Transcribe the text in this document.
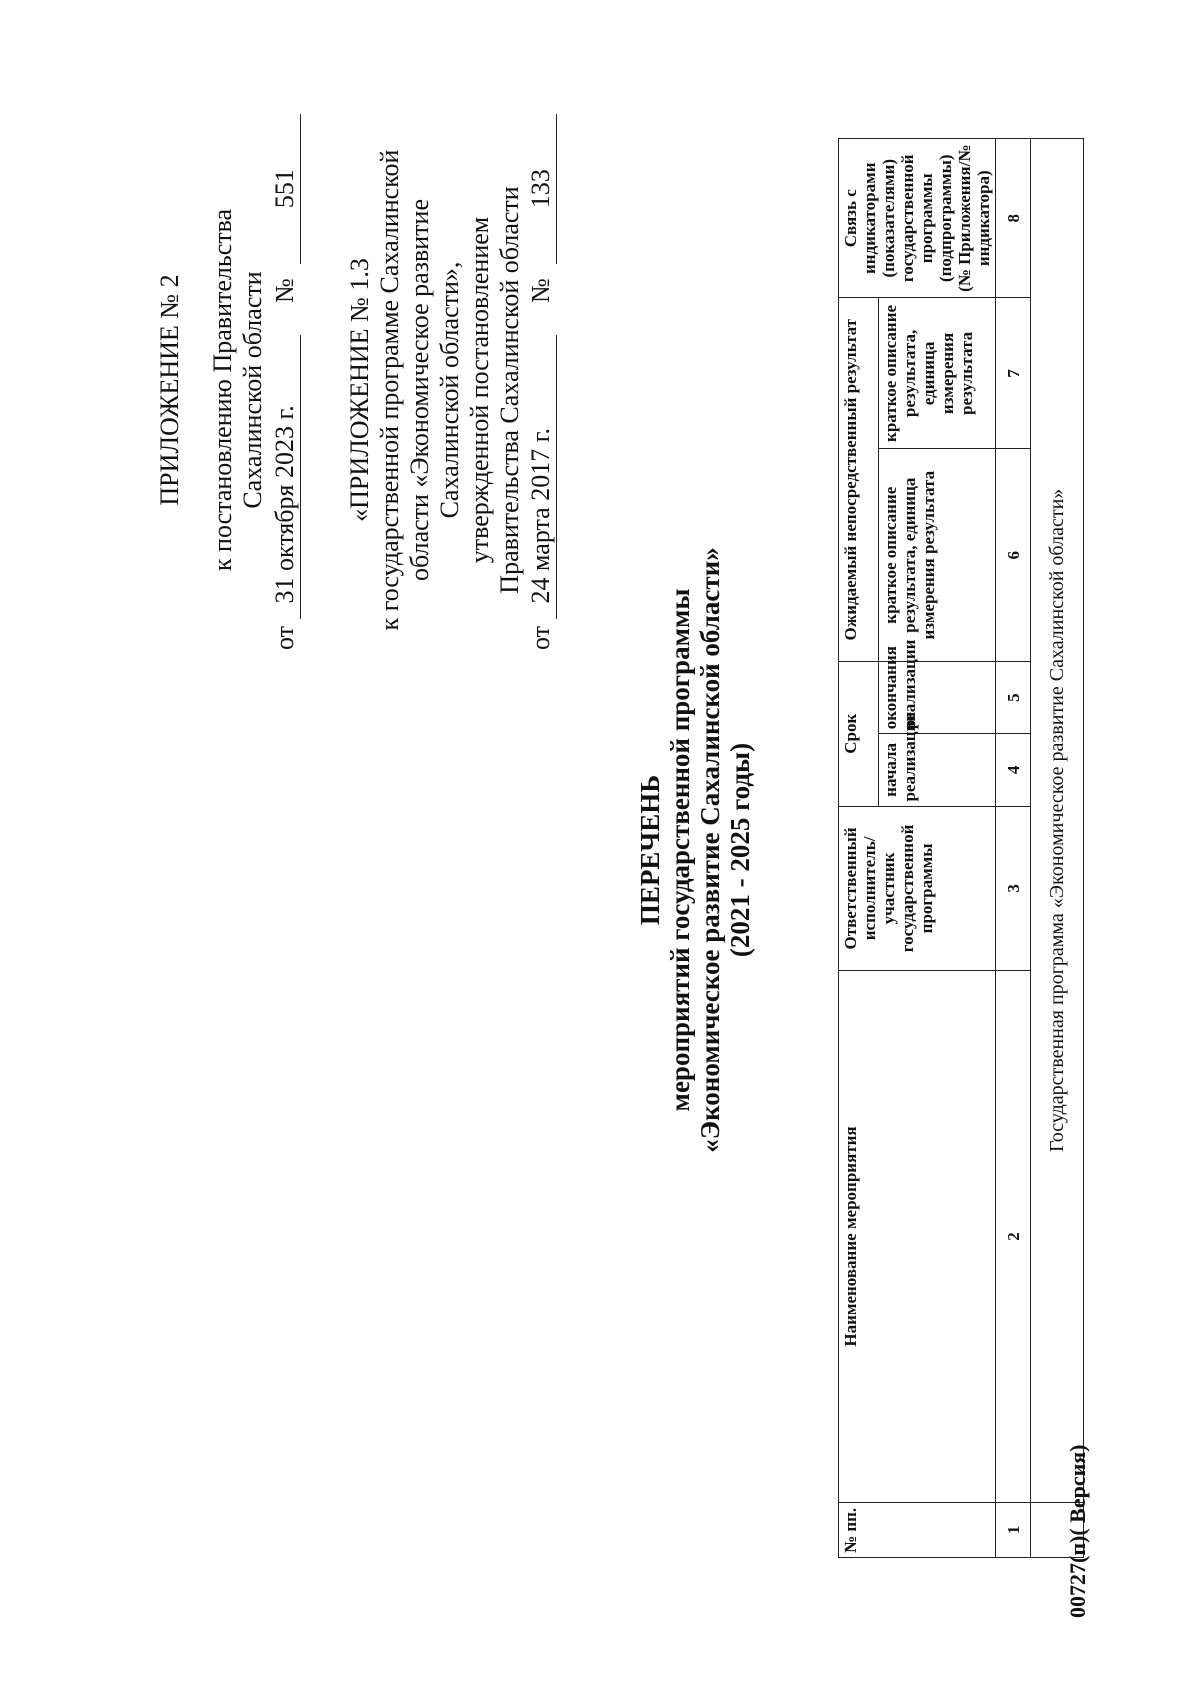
ПРИЛОЖЕНИЕ № 2 к постановлению Правительства Сахалинской области
от 31 октября 2023 г. № 551
«ПРИЛОЖЕНИЕ № 1.3 к государственной программе Сахалинской области «Экономическое развитие Сахалинской области», утвержденной постановлением Правительства Сахалинской области
от 24 марта 2017 г. № 133
ПЕРЕЧЕНЬ мероприятий государственной программы «Экономическое развитие Сахалинской области» (2021 - 2025 годы)
№ пп.	Наименование мероприятия	Ответственный исполнитель/участник государственной программы	Срок		Ожидаемый непосредственный результат		Связь с индикаторами (показателями) государственной программы (подпрограммы) (№ Приложения/№ индикатора)
			начала реализации	окончания реализации	краткое описание результата, единица измерения результата	краткое описание результата, единица измерения результата	
1	2	3	4	5	6	7	8
	Государственная программа «Экономическое развитие Сахалинской области»						
00727(п)( Версия)
